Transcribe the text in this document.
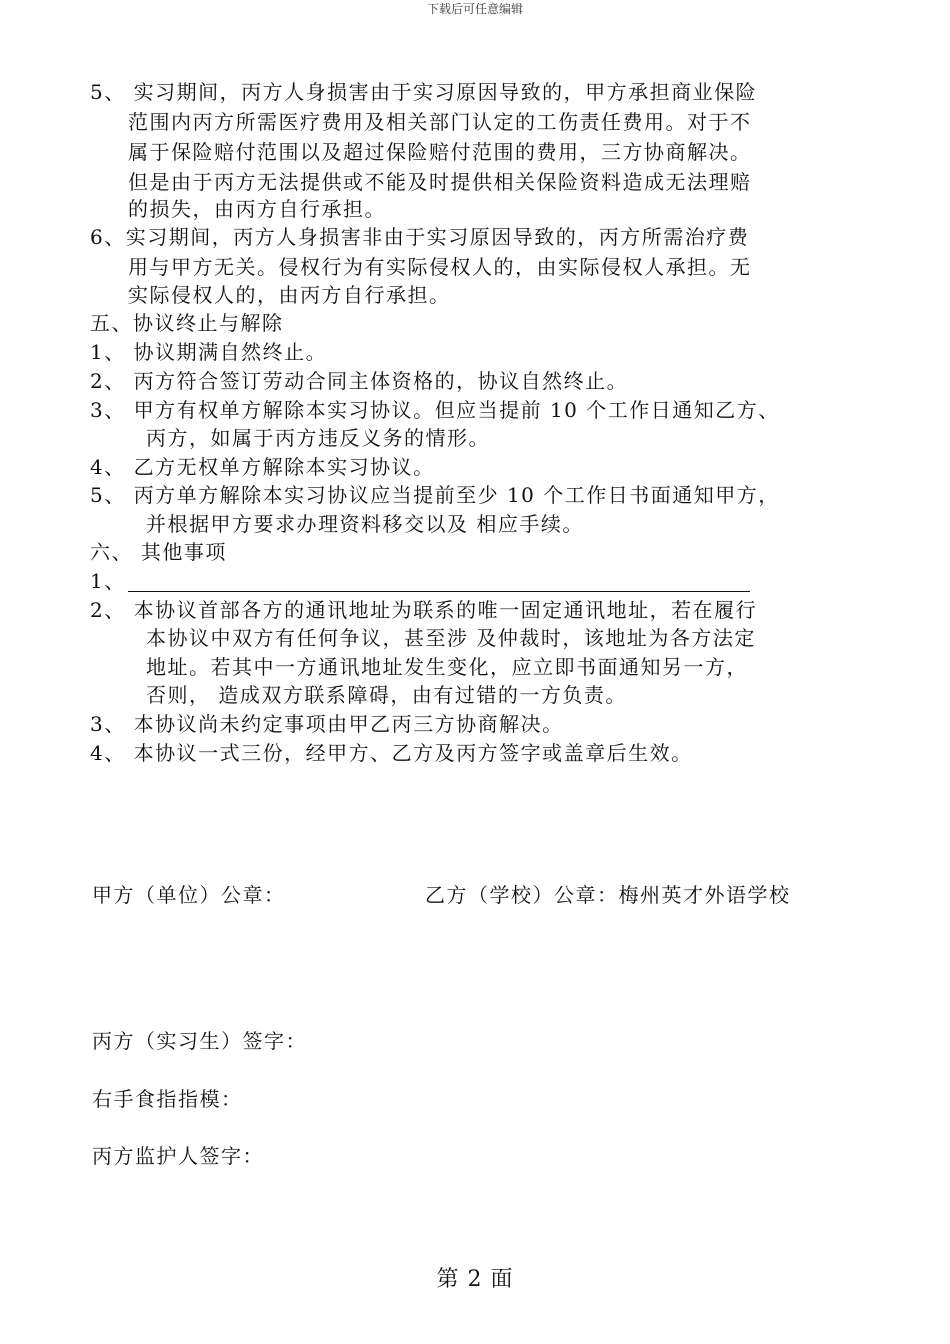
下载后可任意编辑
5、 实习期间，丙方人身损害由于实习原因导致的，甲方承担商业保险
范围内丙方所需医疗费用及相关部门认定的工伤责任费用。对于不
属于保险赔付范围以及超过保险赔付范围的费用，三方协商解决。
但是由于丙方无法提供或不能及时提供相关保险资料造成无法理赔
的损失，由丙方自行承担。
6、实习期间，丙方人身损害非由于实习原因导致的，丙方所需治疗费
用与甲方无关。侵权行为有实际侵权人的，由实际侵权人承担。无
实际侵权人的，由丙方自行承担。
五、协议终止与解除
1、 协议期满自然终止。
2、 丙方符合签订劳动合同主体资格的，协议自然终止。
3、 甲方有权单方解除本实习协议。但应当提前 10 个工作日通知乙方、
丙方，如属于丙方违反义务的情形。
4、 乙方无权单方解除本实习协议。
5、 丙方单方解除本实习协议应当提前至少 10 个工作日书面通知甲方，
并根据甲方要求办理资料移交以及 相应手续。
六、 其他事项
1、
2、 本协议首部各方的通讯地址为联系的唯一固定通讯地址，若在履行
本协议中双方有任何争议，甚至涉 及仲裁时，该地址为各方法定
地址。若其中一方通讯地址发生变化，应立即书面通知另一方，
否则， 造成双方联系障碍，由有过错的一方负责。
3、 本协议尚未约定事项由甲乙丙三方协商解决。
4、 本协议一式三份，经甲方、乙方及丙方签字或盖章后生效。
甲方（单位）公章：	乙方（学校）公章：梅州英才外语学校
丙方（实习生）签字：
右手食指指模：
丙方监护人签字：
第 2 面
